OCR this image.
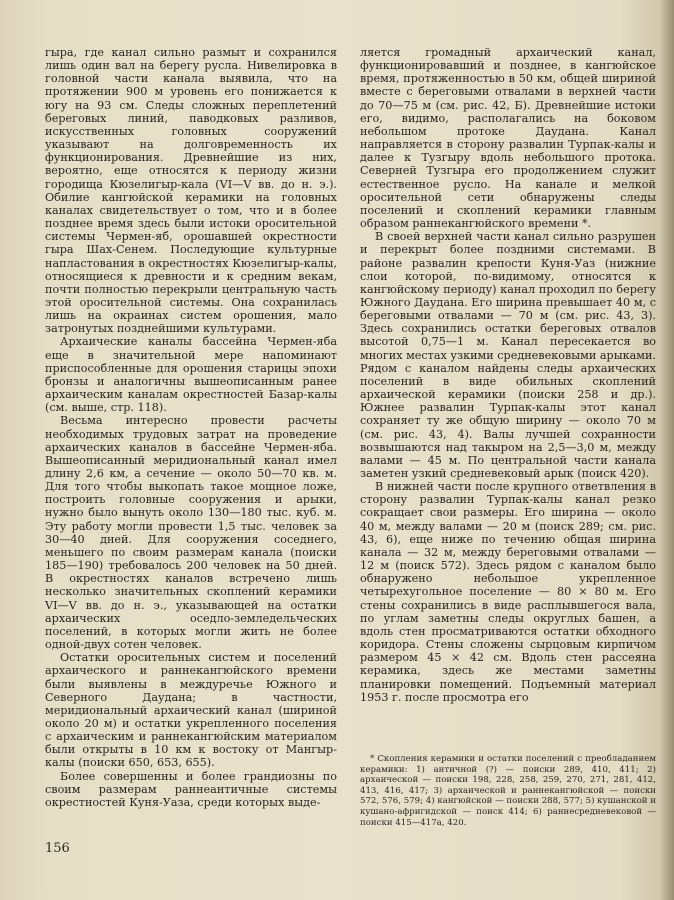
гыра, где канал сильно размыт и сохранился лишь один вал на берегу русла. Нивелировка в головной части канала выявила, что на протяжении 900 м уровень его понижается к югу на 93 см. Следы сложных переплетений береговых линий, паводковых разливов, искусственных головных сооружений указывают на долговременность их функционирования. Древнейшие из них, вероятно, еще относятся к периоду жизни городища Кюзелигыр-кала (VI—V вв. до н. э.). Обилие кангюйской керамики на головных каналах свидетельствует о том, что и в более позднее время здесь были истоки оросительной системы Чермен-яб, орошавшей окрестности гыра Шах-Сенем. Последующие культурные напластования в окрестностях Кюзелигыр-калы, относящиеся к древности и к средним векам, почти полностью перекрыли центральную часть этой оросительной системы. Она сохранилась лишь на окраинах систем орошения, мало затронутых позднейшими культурами.

Архаические каналы бассейна Чермен-яба еще в значительной мере напоминают приспособленные для орошения старицы эпохи бронзы и аналогичны вышеописанным ранее архаическим каналам окрестностей Базар-калы (см. выше, стр. 118).

Весьма интересно провести расчеты необходимых трудовых затрат на проведение архаических каналов в бассейне Чермен-яба. Вышеописанный меридиональный канал имел длину 2,6 км, а сечение — около 50—70 кв. м. Для того чтобы выкопать такое мощное ложе, построить головные сооружения и арыки, нужно было вынуть около 130—180 тыс. куб. м. Эту работу могли провести 1,5 тыс. человек за 30—40 дней. Для сооружения соседнего, меньшего по своим размерам канала (поиски 185—190) требовалось 200 человек на 50 дней. В окрестностях каналов встречено лишь несколько значительных скоплений керамики VI—V вв. до н. э., указывающей на остатки архаических оседло-земледельческих поселений, в которых могли жить не более одной-двух сотен человек.

Остатки оросительных систем и поселений архаического и раннекангюйского времени были выявлены в междуречье Южного и Северного Даудана; в частности, меридиональный архаический канал (шириной около 20 м) и остатки укрепленного поселения с архаическим и раннекангюйским материалом были открыты в 10 км к востоку от Мангыр-калы (поиски 650, 653, 655).

Более совершенны и более грандиозны по своим размерам раннеантичные системы окрестностей Куня-Уаза, среди которых выде-

ляется громадный архаический канал, функционировавший и позднее, в кангюйское время, протяженностью в 50 км, общей шириной вместе с береговыми отвалами в верхней части до 70—75 м (см. рис. 42, Б). Древнейшие истоки его, видимо, располагались на боковом небольшом протоке Даудана. Канал направляется в сторону развалин Турпак-калы и далее к Тузгыру вдоль небольшого протока. Северней Тузгыра его продолжением служит естественное русло. На канале и мелкой оросительной сети обнаружены следы поселений и скоплений керамики главным образом раннекангюйского времени *.

В своей верхней части канал сильно разрушен и перекрыт более поздними системами. В районе развалин крепости Куня-Уаз (нижние слои которой, по-видимому, относятся к кангюйскому периоду) канал проходил по берегу Южного Даудана. Его ширина превышает 40 м, с береговыми отвалами — 70 м (см. рис. 43, 3). Здесь сохранились остатки береговых отвалов высотой 0,75—1 м. Канал пересекается во многих местах узкими средневековыми арыками. Рядом с каналом найдены следы архаических поселений в виде обильных скоплений архаической керамики (поиски 258 и др.). Южнее развалин Турпак-калы этот канал сохраняет ту же общую ширину — около 70 м (см. рис. 43, 4). Валы лучшей сохранности возвышаются над такыром на 2,5—3,0 м, между валами — 45 м. По центральной части канала заметен узкий средневековый арык (поиск 420).

В нижней части после крупного ответвления в сторону развалин Турпак-калы канал резко сокращает свои размеры. Его ширина — около 40 м, между валами — 20 м (поиск 289; см. рис. 43, 6), еще ниже по течению общая ширина канала — 32 м, между береговыми отвалами — 12 м (поиск 572). Здесь рядом с каналом было обнаружено небольшое укрепленное четырехугольное поселение — 80 × 80 м. Его стены сохранились в виде расплывшегося вала, по углам заметны следы округлых башен, а вдоль стен просматриваются остатки обходного коридора. Стены сложены сырцовым кирпичом размером 45 × 42 см. Вдоль стен рассеяна керамика, здесь же местами заметны планировки помещений. Подъемный материал 1953 г. после просмотра его

* Скопления керамики и остатки поселений с преобладанием керамики: 1) античной (?) — поиски 289, 410, 411; 2) архаической — поиски 198, 228, 258, 259, 270, 271, 281, 412, 413, 416, 417; 3) архаической и раннекангюйской — поиски 572, 576, 579; 4) кангюйской — поиски 288, 577; 5) кушанской и кушано-афригидской — поиск 414; 6) раннесредневековой — поиски 415—417а, 420.

156
